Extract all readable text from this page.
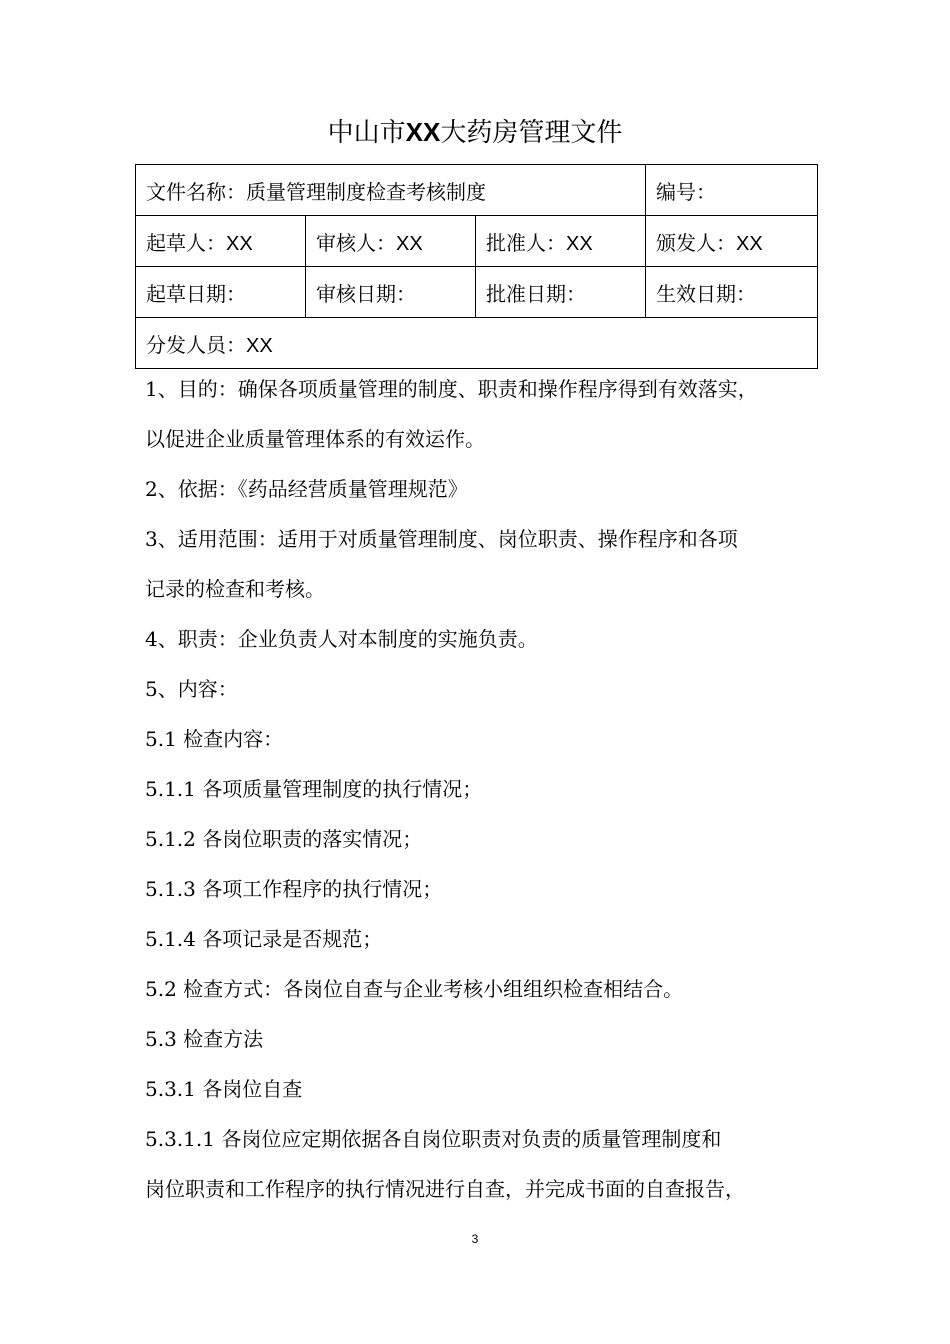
中山市XX大药房管理文件
文件名称：质量管理制度检查考核制度			编号：
起草人：XX	审核人：XX	批准人：XX	颁发人：XX
起草日期：	审核日期：	批准日期：	生效日期：
分发人员：XX			

1、目的：确保各项质量管理的制度、职责和操作程序得到有效落实，

以促进企业质量管理体系的有效运作。

2、依据：《药品经营质量管理规范》

3、适用范围：适用于对质量管理制度、岗位职责、操作程序和各项

记录的检查和考核。

4、职责：企业负责人对本制度的实施负责。

5、内容：

5.1 检查内容：

5.1.1 各项质量管理制度的执行情况；

5.1.2 各岗位职责的落实情况；

5.1.3 各项工作程序的执行情况；

5.1.4 各项记录是否规范；

5.2 检查方式：各岗位自查与企业考核小组组织检查相结合。

5.3 检查方法

5.3.1 各岗位自查

5.3.1.1 各岗位应定期依据各自岗位职责对负责的质量管理制度和

岗位职责和工作程序的执行情况进行自查，并完成书面的自查报告，

3
